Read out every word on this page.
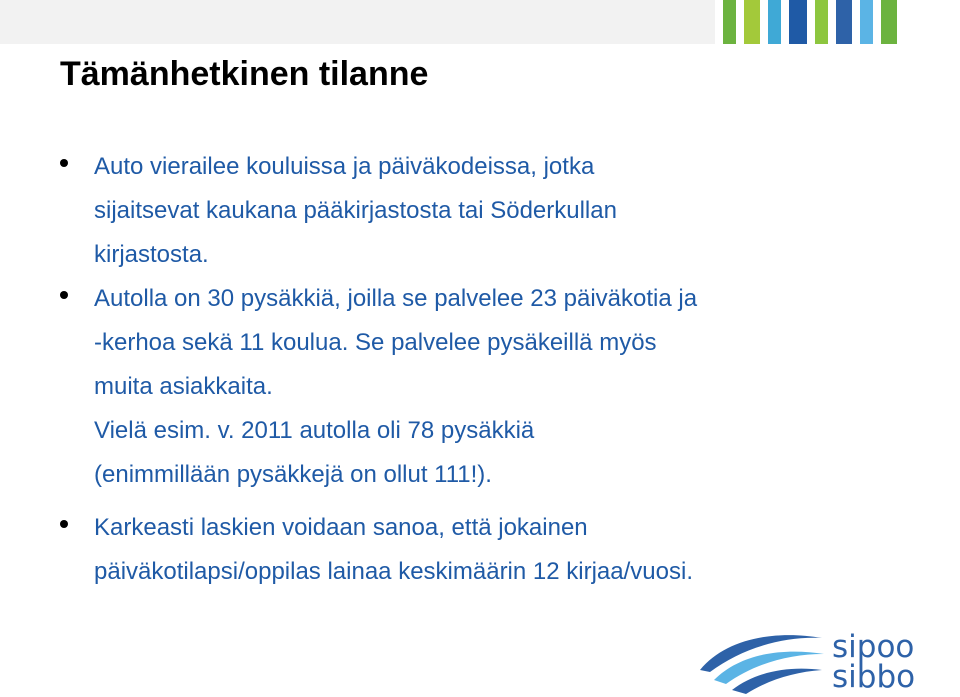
Tämänhetkinen tilanne
Auto vierailee kouluissa ja päiväkodeissa, jotka
sijaitsevat kaukana pääkirjastosta tai Söderkullan
kirjastosta.
Autolla on 30 pysäkkiä, joilla se palvelee 23 päiväkotia ja
-kerhoa sekä 11 koulua. Se palvelee pysäkeillä myös
muita asiakkaita.
Vielä esim. v. 2011 autolla oli 78 pysäkkiä
(enimmillään pysäkkejä on ollut 111!).
Karkeasti laskien voidaan sanoa, että jokainen
päiväkotilapsi/oppilas lainaa keskimäärin 12 kirjaa/vuosi.
sipoo
sibbo
